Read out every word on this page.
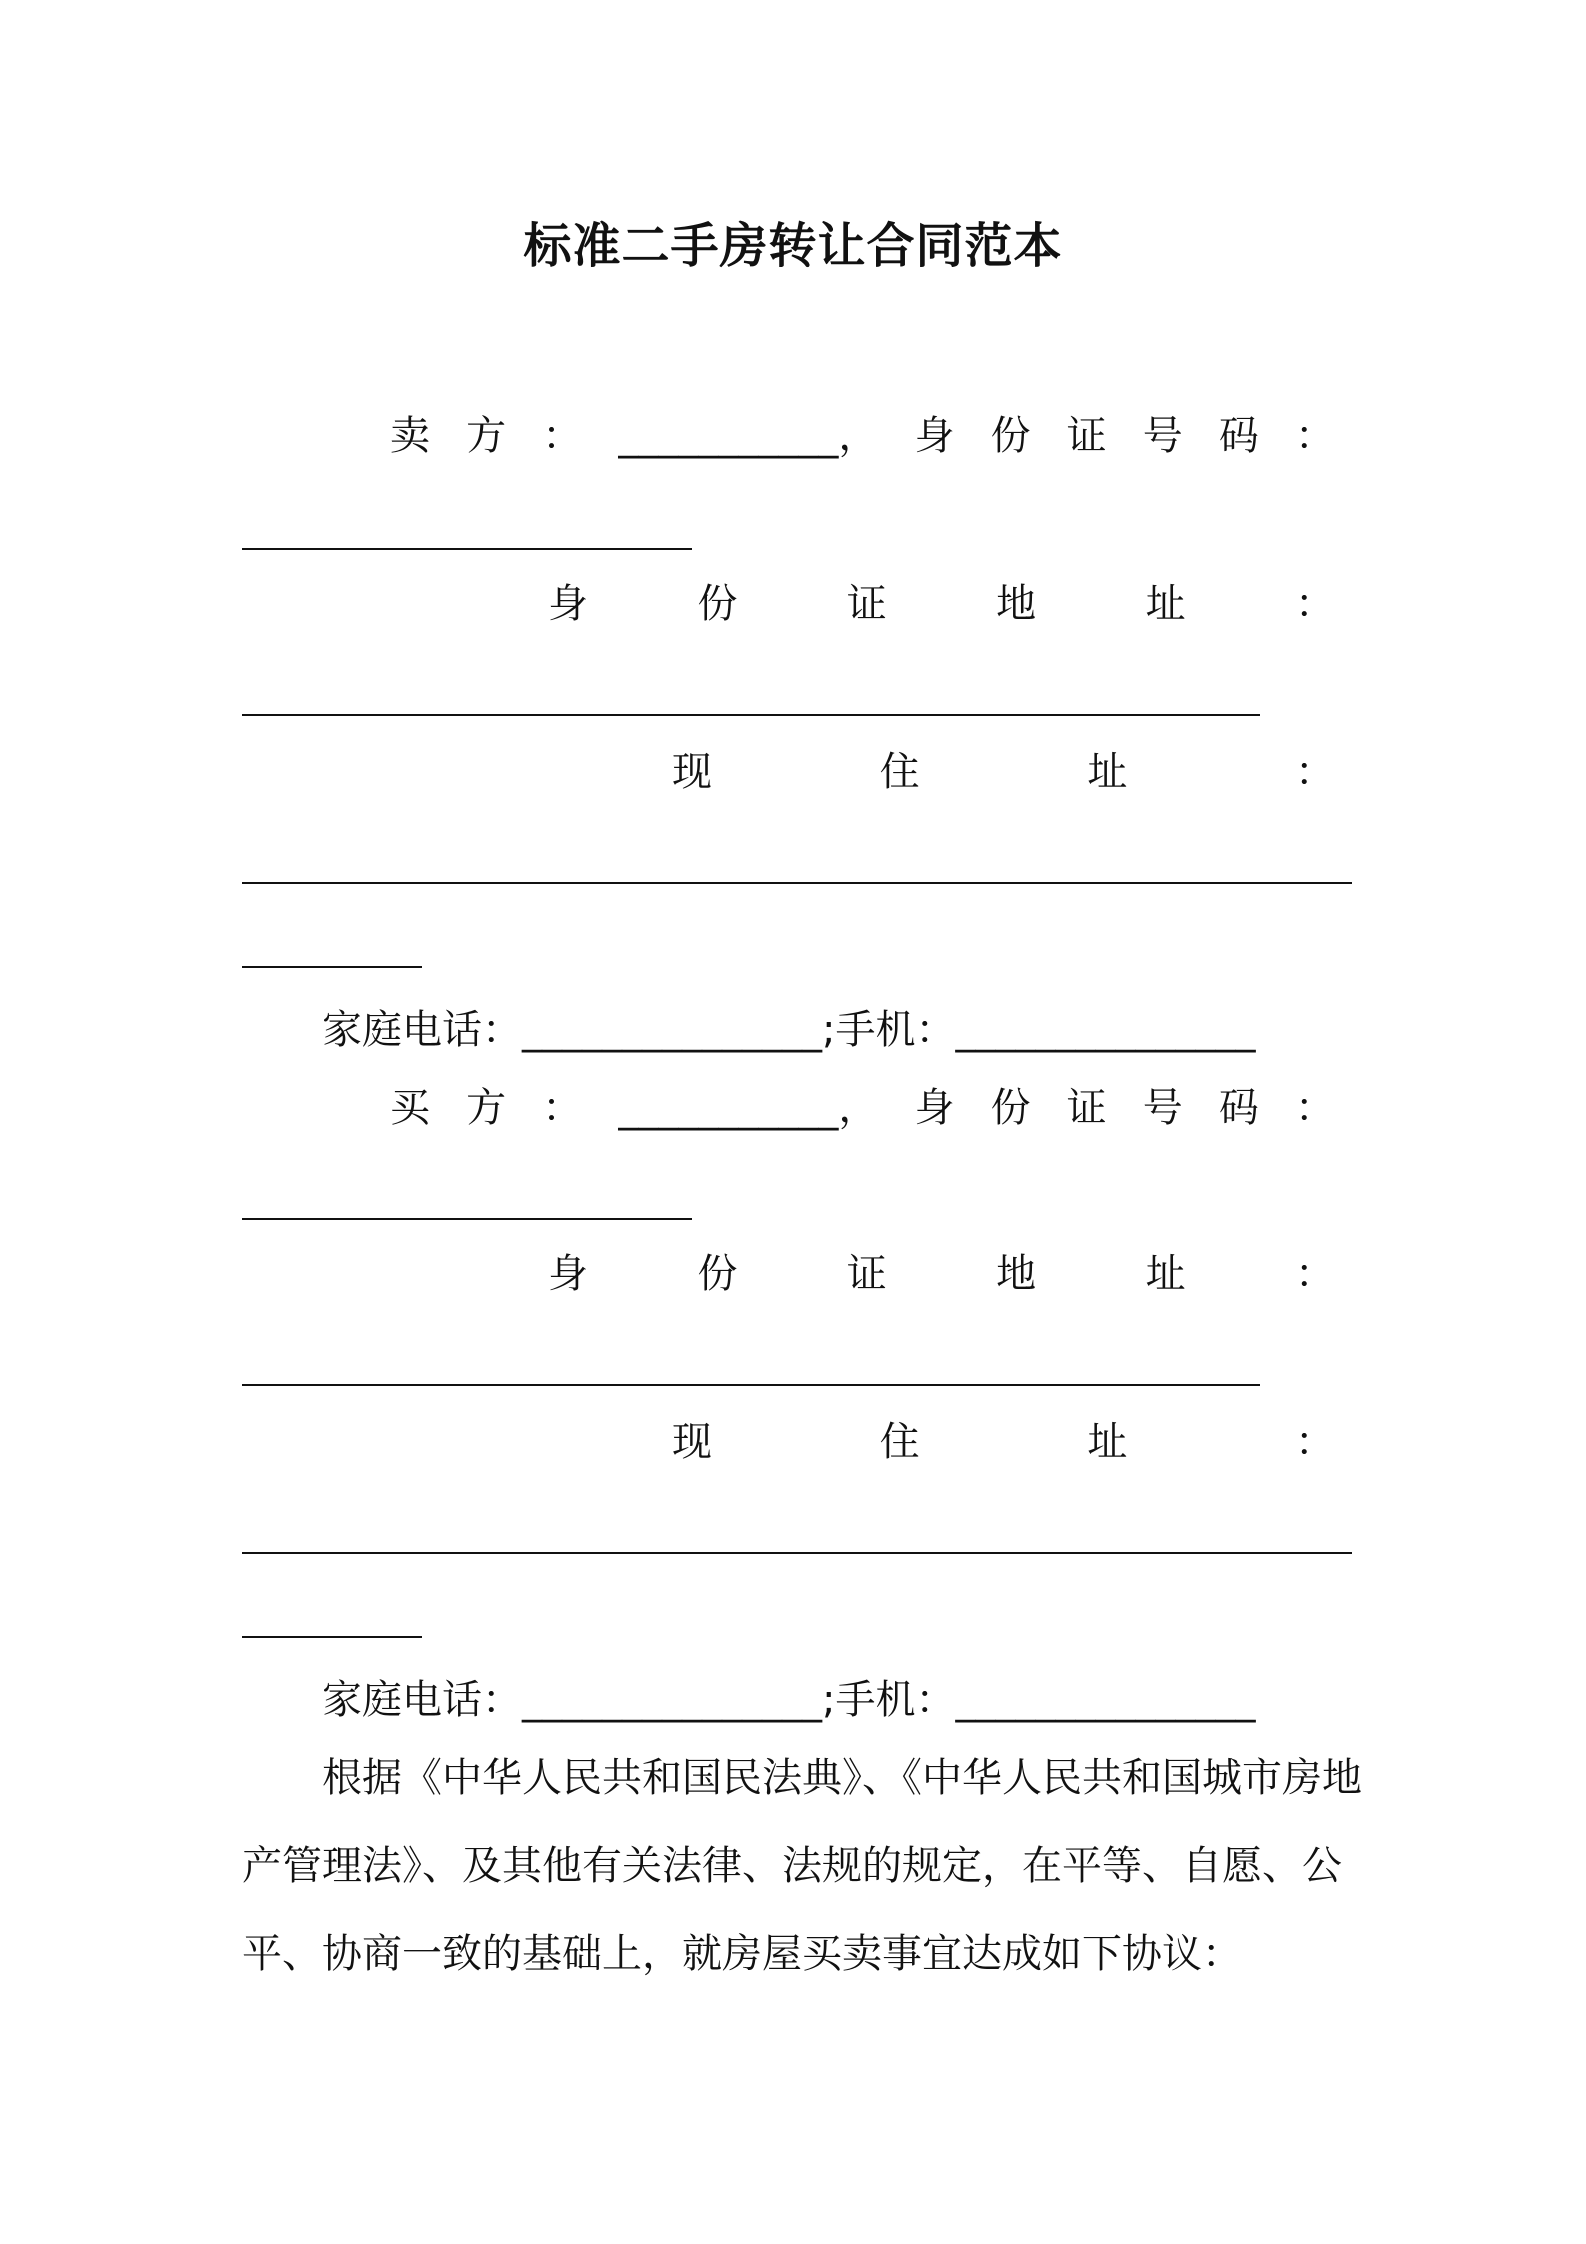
标准二手房转让合同范本
卖 方 ： ___________， 身 份 证 号 码 ：
身	份	证	地	址	：
现	住	址	：
家庭电话：_______________;手机：_______________
买 方 ： ___________， 身 份 证 号 码 ：
身	份	证	地	址	：
现	住	址	：
家庭电话：_______________;手机：_______________
根据《中华人民共和国民法典》、《中华人民共和国城市房地
产管理法》、及其他有关法律、法规的规定，在平等、自愿、公
平、协商一致的基础上，就房屋买卖事宜达成如下协议：
